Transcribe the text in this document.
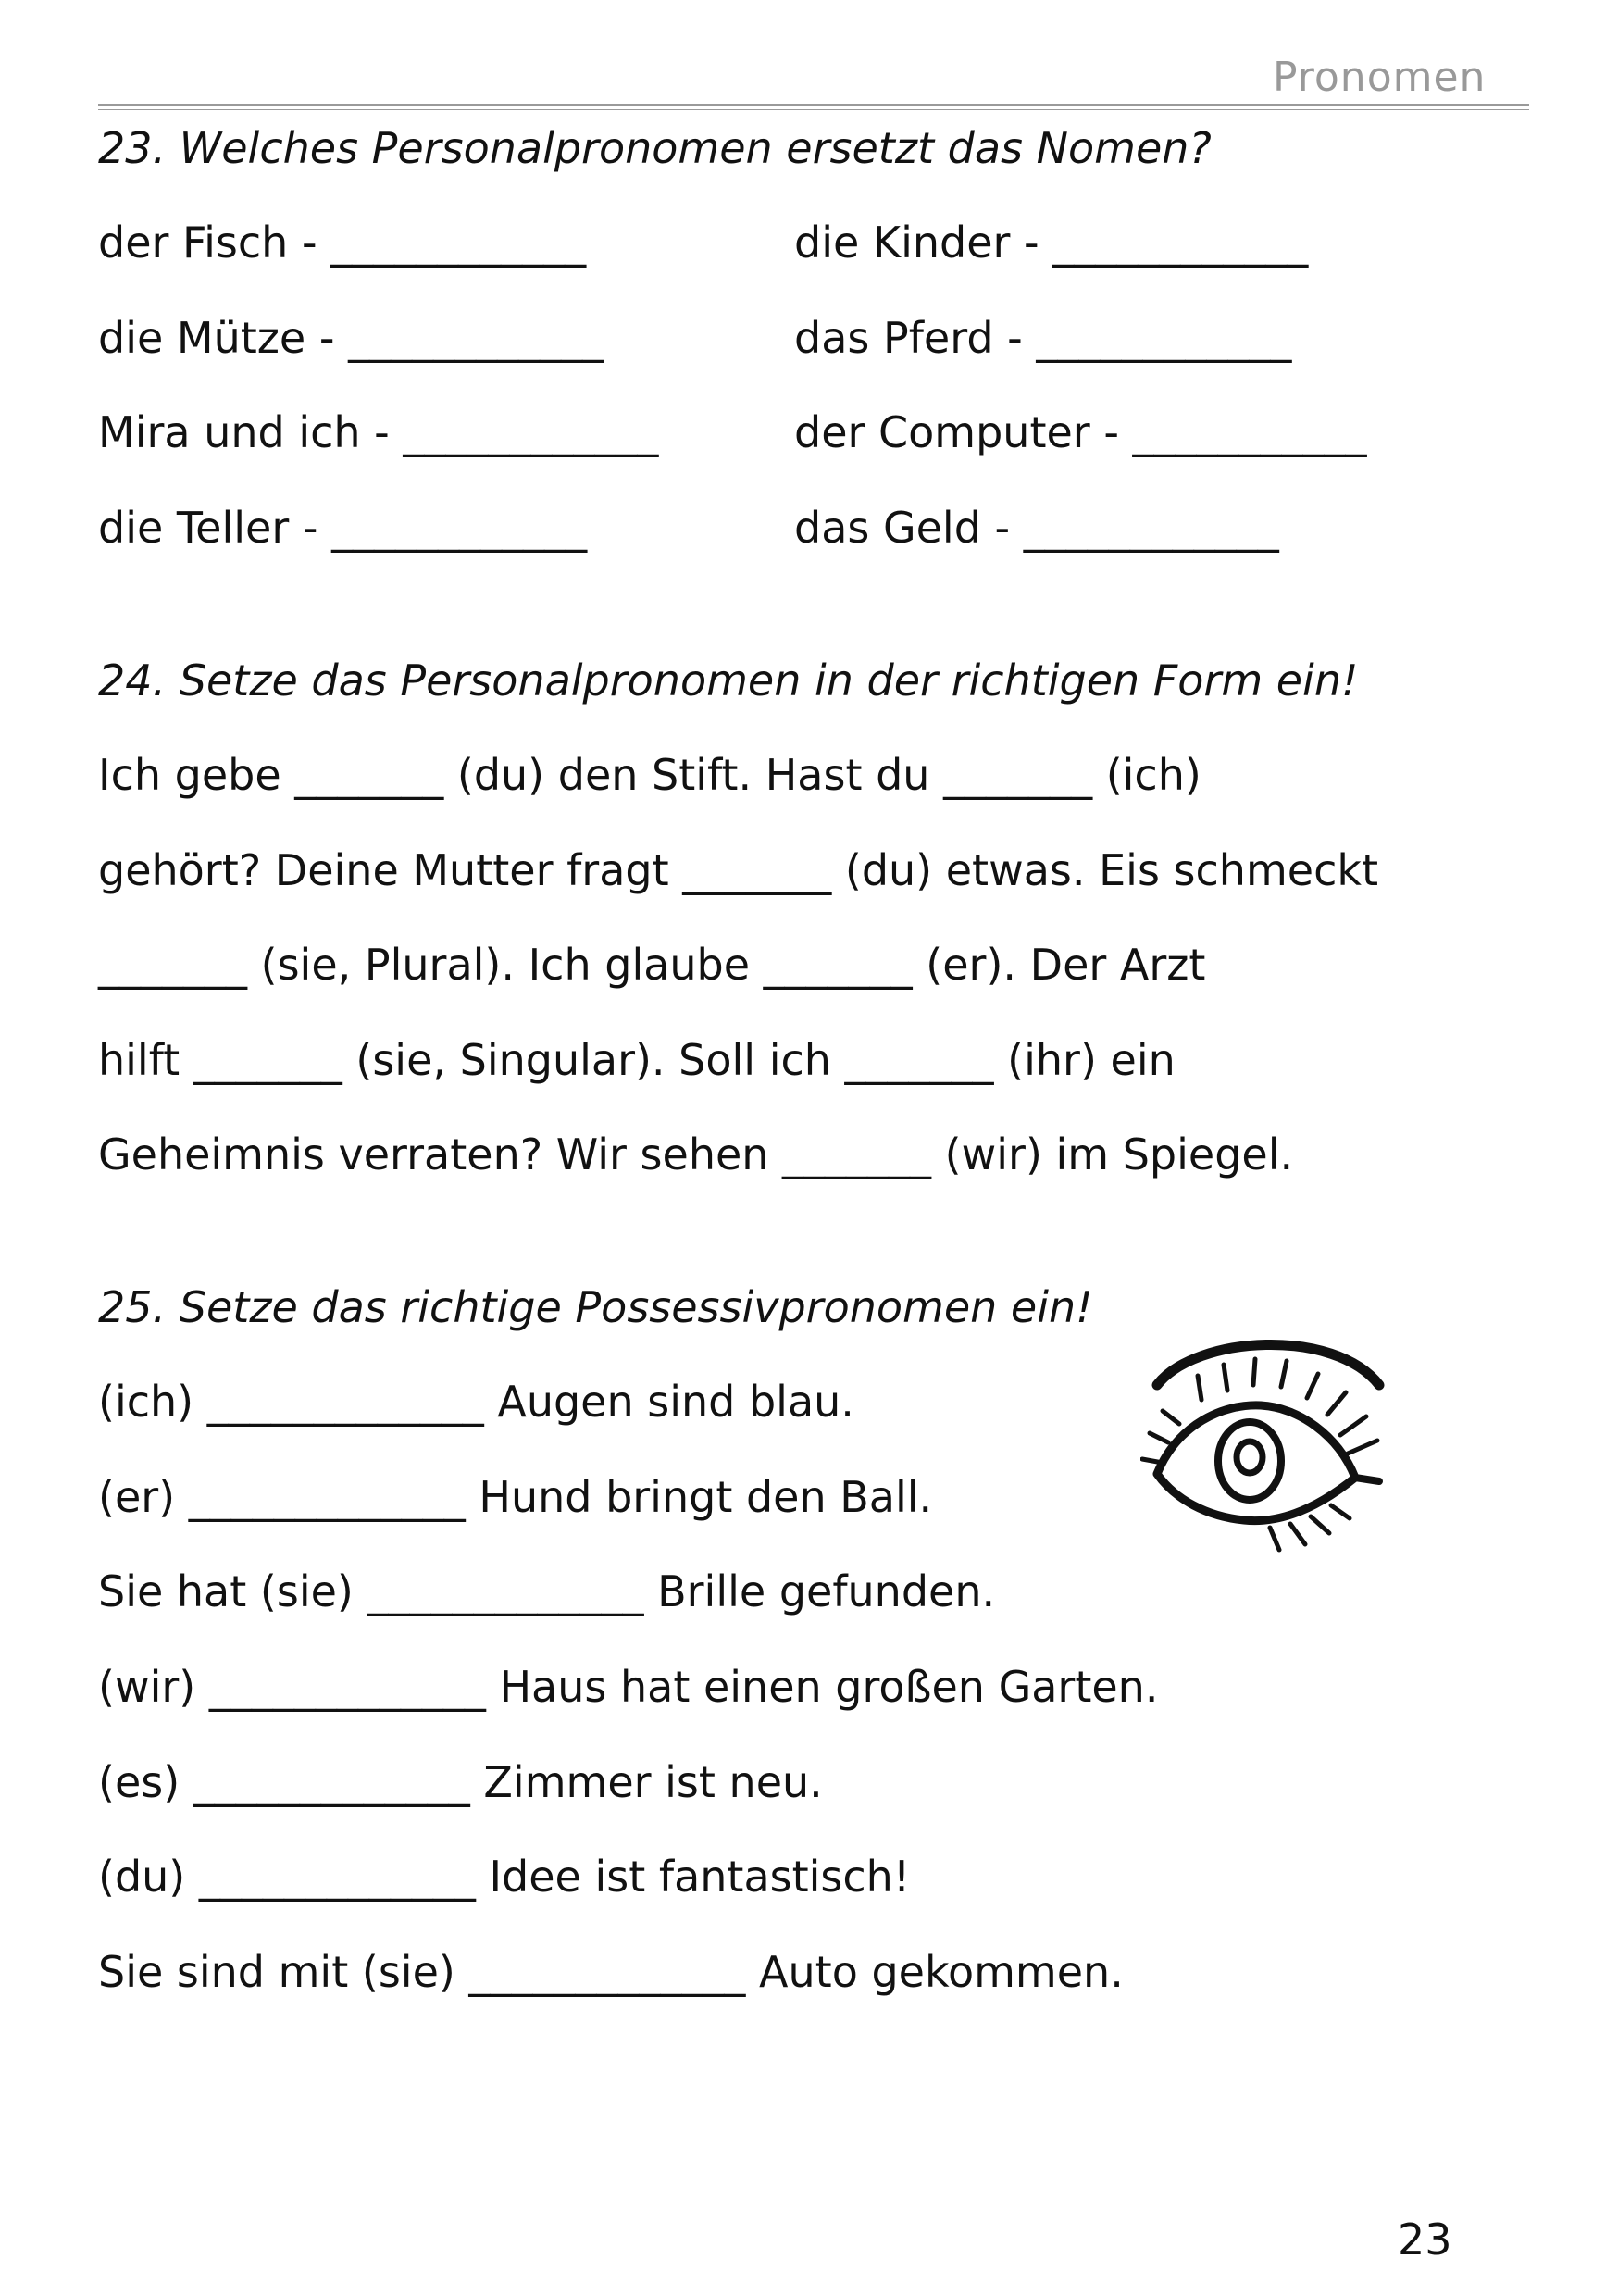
Pronomen
23. Welches Personalpronomen ersetzt das Nomen?
der Fisch - ____________
die Mütze - ____________
Mira und ich - ____________
die Teller - ____________
die Kinder - ____________
das Pferd - ____________
der Computer - ___________
das Geld - ____________
24. Setze das Personalpronomen in der richtigen Form ein!
Ich gebe _______ (du) den Stift. Hast du _______ (ich)
gehört? Deine Mutter fragt _______ (du) etwas. Eis schmeckt
_______ (sie, Plural). Ich glaube _______ (er). Der Arzt
hilft _______ (sie, Singular). Soll ich _______ (ihr) ein
Geheimnis verraten? Wir sehen _______ (wir) im Spiegel.
25. Setze das richtige Possessivpronomen ein!
(ich) _____________ Augen sind blau.
(er) _____________ Hund bringt den Ball.
Sie hat (sie) _____________ Brille gefunden.
(wir) _____________ Haus hat einen großen Garten.
(es) _____________ Zimmer ist neu.
(du) _____________ Idee ist fantastisch!
Sie sind mit (sie) _____________ Auto gekommen.
23
